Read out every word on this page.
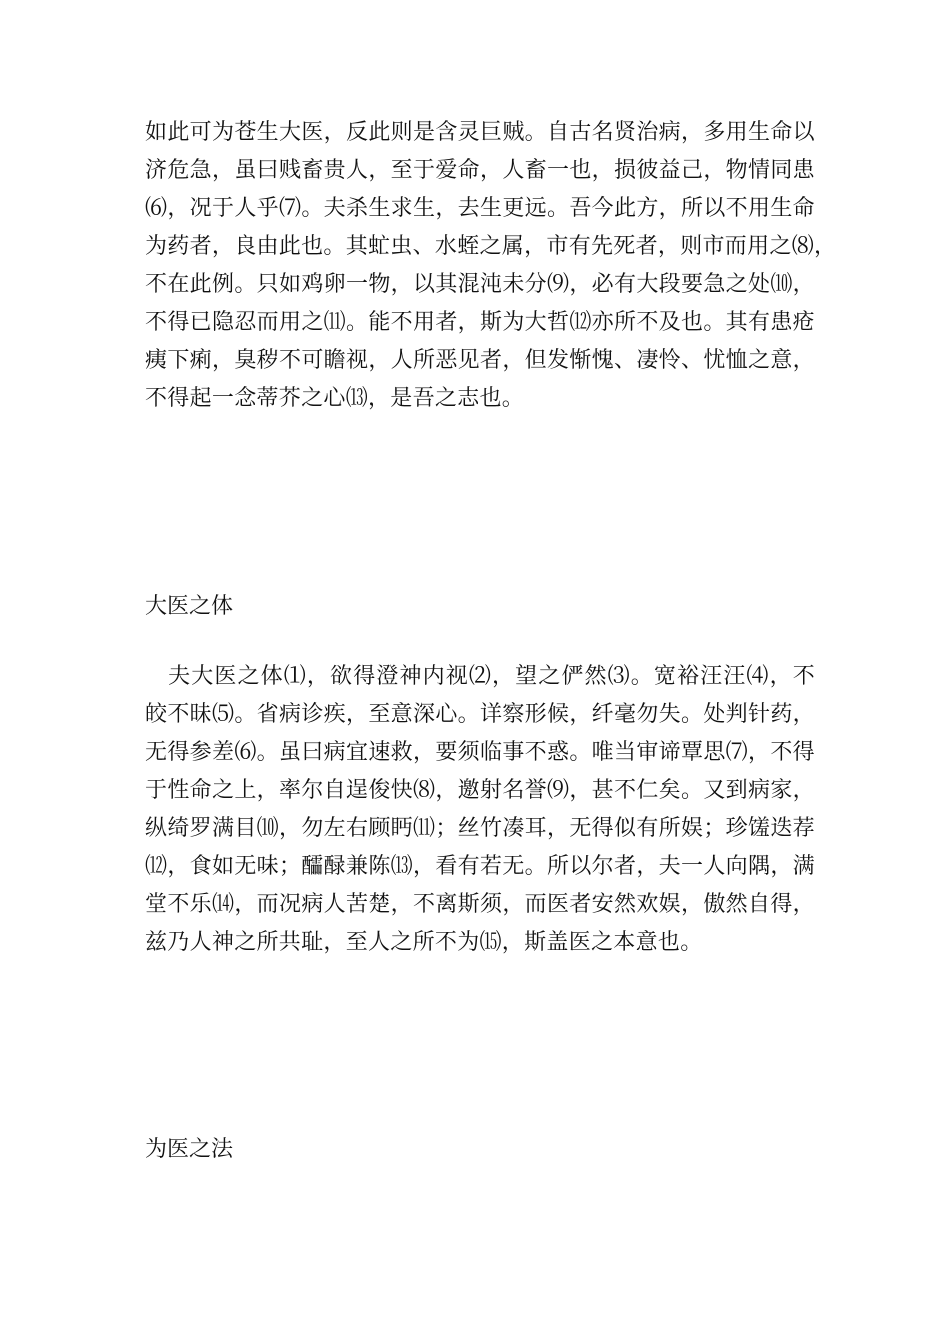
如此可为苍生大医，反此则是含灵巨贼。自古名贤治病，多用生命以
济危急，虽曰贱畜贵人，至于爱命，人畜一也，损彼益己，物情同患
⑹，况于人乎⑺。夫杀生求生，去生更远。吾今此方，所以不用生命
为药者，良由此也。其虻虫、水蛭之属，市有先死者，则市而用之⑻，
不在此例。只如鸡卵一物，以其混沌未分⑼，必有大段要急之处⑽，
不得已隐忍而用之⑾。能不用者，斯为大哲⑿亦所不及也。其有患疮
痍下痢，臭秽不可瞻视，人所恶见者，但发惭愧、凄怜、忧恤之意，
不得起一念蒂芥之心⒀，是吾之志也。
大医之体
　夫大医之体⑴，欲得澄神内视⑵，望之俨然⑶。宽裕汪汪⑷，不
皎不昧⑸。省病诊疾，至意深心。详察形候，纤毫勿失。处判针药，
无得参差⑹。虽曰病宜速救，要须临事不惑。唯当审谛覃思⑺，不得
于性命之上，率尔自逞俊快⑻，邀射名誉⑼，甚不仁矣。又到病家，
纵绮罗满目⑽，勿左右顾眄⑾；丝竹凑耳，无得似有所娱；珍馐迭荐
⑿，食如无味；醽醁兼陈⒀，看有若无。所以尔者，夫一人向隅，满
堂不乐⒁，而况病人苦楚，不离斯须，而医者安然欢娱，傲然自得，
兹乃人神之所共耻，至人之所不为⒂，斯盖医之本意也。
为医之法
